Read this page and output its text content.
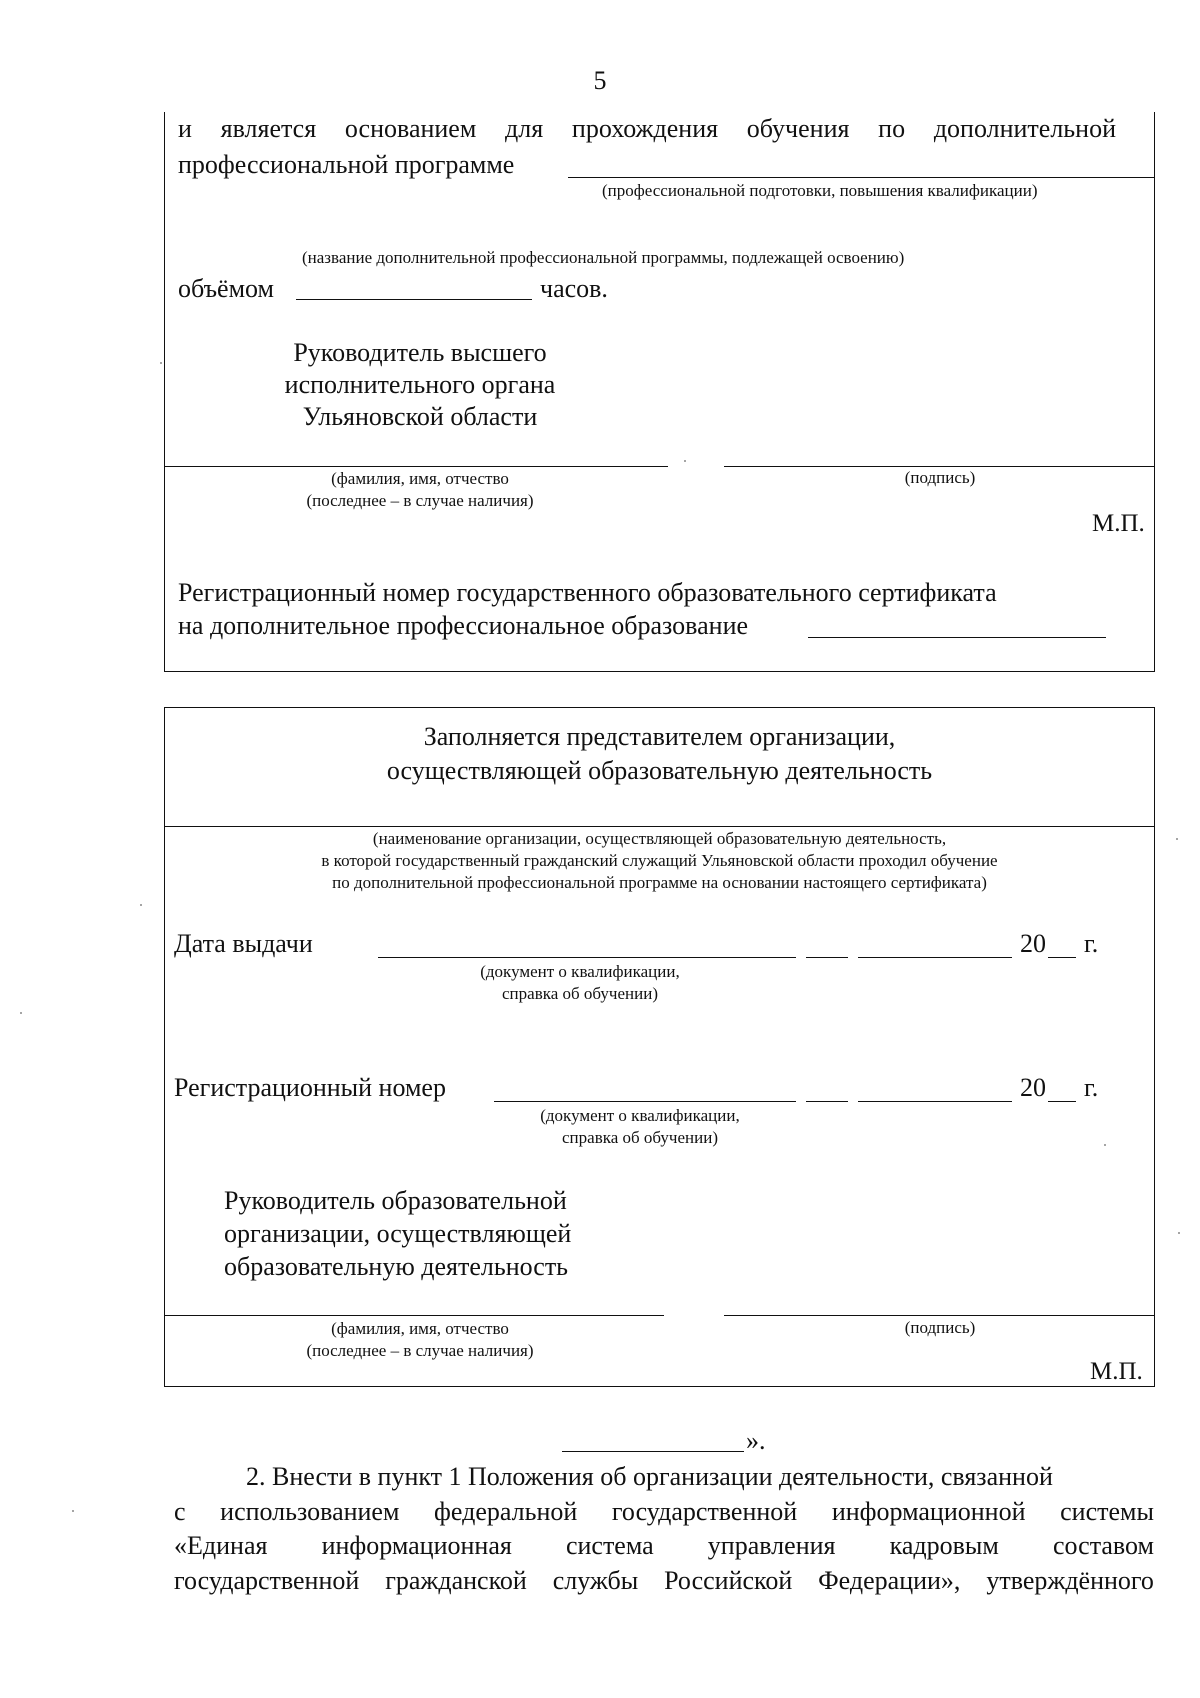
5
и является основанием для прохождения обучения по дополнительной
профессиональной программе
(профессиональной подготовки, повышения квалификации)
(название дополнительной профессиональной программы, подлежащей освоению)
объёмом	часов.
Руководитель высшего
исполнительного органа
Ульяновской области
(фамилия, имя, отчество
(последнее – в случае наличия)
(подпись)
М.П.
Регистрационный номер государственного образовательного сертификата
на дополнительное профессиональное образование
Заполняется представителем организации,
осуществляющей образовательную деятельность
(наименование организации, осуществляющей образовательную деятельность,
в которой государственный гражданский служащий Ульяновской области проходил обучение
по дополнительной профессиональной программе на основании настоящего сертификата)
Дата выдачи	20 г.
(документ о квалификации,
справка об обучении)
Регистрационный номер	20 г.
(документ о квалификации,
справка об обучении)
Руководитель образовательной
организации, осуществляющей
образовательную деятельность
(фамилия, имя, отчество
(последнее – в случае наличия)
(подпись)
М.П.
».
2. Внести в пункт 1 Положения об организации деятельности, связанной
с использованием федеральной государственной информационной системы
«Единая информационная система управления кадровым составом
государственной гражданской службы Российской Федерации», утверждённого
